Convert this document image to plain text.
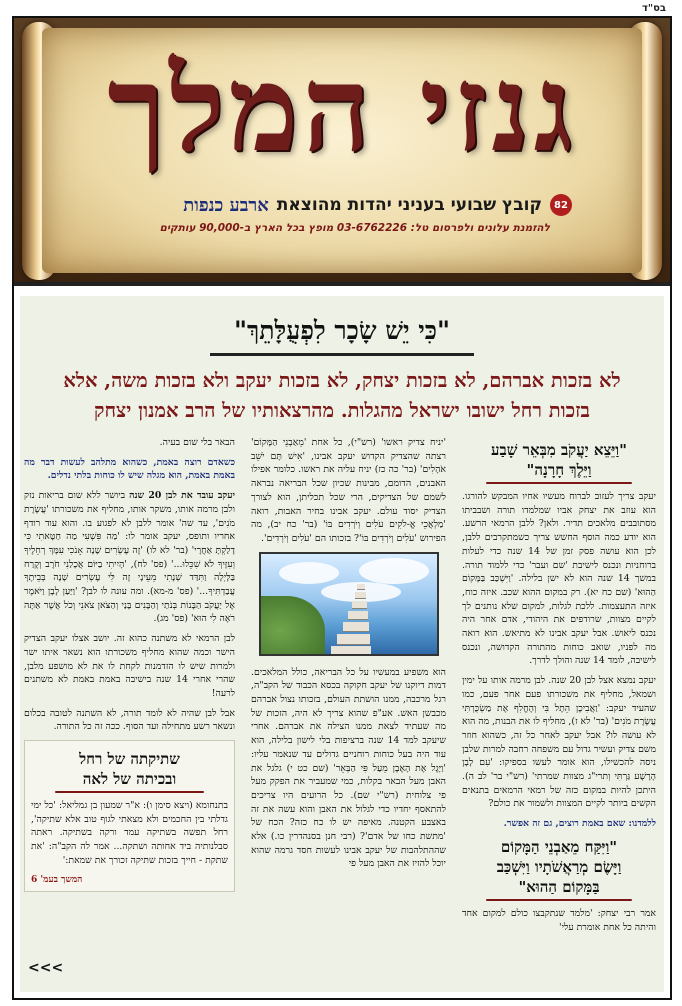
בס"ד
גנזי המלך
82
קובץ שבועי בעניני יהדות מהוצאת
ארבע כנפות
להזמנת עלונים ולפרסום טל: 03-6762226 מופץ בכל הארץ ב-90,000 עותקים
"כִּי יֵשׁ שָׂכָר לִפְעֻלָּתֵךְ"
לא בזכות אברהם, לא בזכות יצחק, לא בזכות יעקב ולא בזכות משה, אלא
בזכות רחל ישובו ישראל מהגלות. מהרצאותיו של הרב אמנון יצחק
"וַיֵּצֵא יַעֲקֹב מִבְּאֵר שָׁבַע
וַיֵּלֶךְ חָרָנָה"

יעקב צריך לעזוב לברוח מעשיו אחיו המבקש להורגו. הוא עוזב את יצחק אביו שמלמדו תורה ושבביתו מסתובבים מלאכים תדיר. ולאן? ללבן הרמאי הרשע. הוא יודע כמה הוסף החשש צריך כשמתקרבים ללבן, לכן הוא עושה פסק זמן של 14 שנה כדי לעלות ברוחניות ונכנס לישיבת 'שם ועבר' כדי ללמוד תורה. במשך 14 שנה הוא לא ישן בלילה. 'וַיִּשְׁכַּב בַּמָּקוֹם הַהוּא' (שם כח יא). רק במקום ההוא שכב. איזה כוח, איזה התעצמות. ללכת לגלות, למקום שלא נותנים לך לקיים מצוות, שרודפים את היהודי, אדם אחר היה נכנס ליאוש. אבל יעקב אבינו לא מתיאש. הוא רואה מה לפניו, שואב כוחות מהתורה הקדושה, ונכנס לישיבה, לומד 14 שנה והולך לדרך.

יעקב נמצא אצל לבן 20 שנה. לבן מרמה אותו על ימין ושמאל, מחליף את משכורתו פעם אחר פעם, כמו שהעיד יעקב: 'וַאֲבִיכֶן הֵתֶל בִּי וְהֶחֱלִף אֶת מַשְׂכֻּרְתִּי עֲשֶׂרֶת מֹנִים' (בר' לא ז), מחליף לו את הבנות, מה הוא לא עושה לו? אבל יעקב לאחר כל זה, כשהוא חוזר משם צדיק ועשיר גדול עם משפחה רחבה למרות שלבן ניסה להכשילו, הוא אומר לעשו בספיקו: 'עִם לָבָן הָרָשָׁע גַּרְתִּי וְתרי"ג מצוות שמרתי' (רש"י בר' לב ה). היתכן להיות במקום כזה של רמאי הרמאים בתנאים הקשים ביותר לקיים המצוות ולשמור את כולם?

ללמדנו: שאם באמת רוצים, גם זה אפשר.

"וַיִּקַּח מֵאַבְנֵי הַמָּקוֹם
וַיָּשֶׂם מְרַאֲשֹׁתָיו וַיִּשְׁכַּב
בַּמָּקוֹם הַהוּא"

אמר רבי יצחק: 'מלמד שנתקבצו כולם למקום אחד והיתה כל אחת אומרת עלי'

'יניח צדיק ראשו' (רש"י), כל אחת 'מֵאַבְנֵי הַמָּקוֹם' רצתה שהצדיק הקדוש יעקב אבינו, 'אִישׁ תָּם יֹשֵׁב אֹהָלִים' (בר' כה כז) יניח עליה את ראשו. כלומר אפילו האבנים, הדומם, מבינות שכיון שכל הבריאה נבראה לשמם של הצדיקים, הרי שכל תכליתן, הוא לצורך הצדיק יסוד עולם. יעקב אבינו בחיר האבות, רואה 'מַלְאֲכֵי אֱ-לֹקִים עֹלִים וְיֹרְדִים בּוֹ' (בר' כח יב), מה הפירוש 'עֹלִים וְיֹרְדִים בּוֹ'? בזכותו הם 'עֹלִים וְיֹרְדִים'.

הוא משפיע במעשיו על כל הבריאה, כולל המלאכים. דמות דיוקנו של יעקב חקוקה בכסא הכבוד של הקב"ה, רגל מרכבה, ממנו הושתת העולם, בזכותו נצול אברהם מכבשן האש. אע"פ שהוא צריך לא היה, הזכות של מה שעתיד לצאת ממנו הצילה את אברהם. אחרי שיעקב למד 14 שנה ברציפות בלי לישון בלילה, הוא עוד היה בעל כוחות רוחניים גדולים עד שנאמר עליו: 'וַיָּגֶל אֶת הָאֶבֶן מֵעַל פִּי הַבְּאֵר' (שם כט י) גלגל את האבן מעל הבאר בקלות, כמי שמעביר את הפקק מעל פי צלוחית (רש"י שם). כל הרועים היו צריכים להתאסף יחדיו כדי לגלול את האבן והוא עשה את זה באצבע הקטנה. מאיפה יש לו כח כזה? הכח של 'מתשת כחו של אדם'? (רבי חנן בסנהדרין כו.) אלא שההתלהבות של יעקב אבינו לעשות חסד גרמה שהוא יוכל להזיז את האבן מעל פי

הבאר בלי שום בעיה.

כשאדם רוצה באמת, כשהוא מתלהב לעשות דבר מה באמת באמת, הוא מגלה שיש לו כוחות בלתי נדלים.

יעקב עובד את לבן 20 שנה ביושר ללא שום בריאות נזק ולבן מרמה אותו, משקר אותו, מחליף את משכורתו 'עֲשֶׂרֶת מֹנִים', עד שה' אומר ללבן לא לפגוע בו. והוא עוד רודף אחריו ותופס, יעקב אומר לו: 'מַה פִּשְׁעִי מַה חַטָּאתִי כִּי דָלַקְתָּ אַחֲרָי' (בר' לא לו) 'זֶה עֶשְׂרִים שָׁנָה אָנֹכִי עִמָּךְ רְחֵלֶיךָ וְעִזֶּיךָ לֹא שִׁכֵּלוּ...' (פס' לח), 'הָיִיתִי בַיּוֹם אֲכָלַנִי חֹרֶב וְקֶרַח בַּלָּיְלָה וַתִּדַּד שְׁנָתִי מֵעֵינָי זֶה לִּי עֶשְׂרִים שָׁנָה בְּבֵיתֶךָ עֲבַדְתִּיךָ...' (פס' מ-מא). ומה עונה לו לבן? 'וַיַּעַן לָבָן וַיֹּאמֶר אֶל יַעֲקֹב הַבָּנוֹת בְּנֹתַי וְהַבָּנִים בָּנַי וְהַצֹּאן צֹאנִי וְכֹל אֲשֶׁר אַתָּה רֹאֶה לִי הוּא' (פס' מג).

לבן הרמאי לא משתנה כהוא זה. יושב אצלו יעקב הצדיק הישר וכמה שהוא מחליף משכורתו הוא נשאר איתו ישר ולמרות שיש לו הזדמנות לקחת לו את לא מושפע מלבן, שהרי אחרי 14 שנה בישיבה באמת באמת לא משתנים לרעה!

אבל לבן שהיה לא לומד תורה, לא השתנה לטובה בכלום ונשאר רשע מתחילה ועד הסוף. ככה זה כל התורה.

שתיקתה של רחל
ובכיתה של לאה

בתנחומא (ויצא סימן ו): א"ר שמעון בן גמליאל: 'כל ימי גדלתי בין החכמים ולא מצאתי לגוף טוב אלא שתיקה', רחל תפשה בשתיקה עמד ורקה בשתיקה. ראתה סבלנותיה ביד אחותה ושתקה... אמר לה הקב"ה: 'את שתקת - חייך בזכות שתיקה זכורך את שמאת:'

המשך בעמ' 6
<<<
